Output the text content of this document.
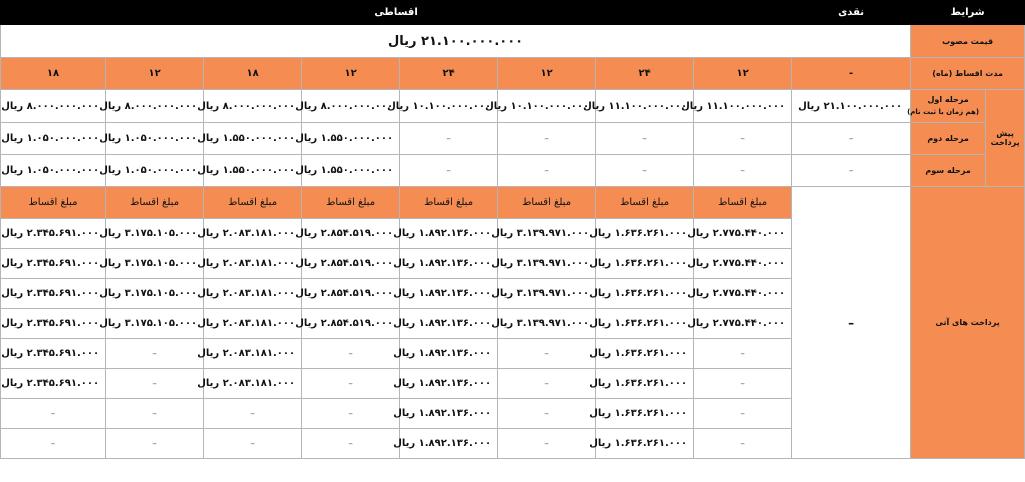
شرایط		نقدی	اقساطی							
قیمت مصوب		۲۱.۱۰۰.۰۰۰.۰۰۰ ریال								
مدت اقساط (ماه)		-	۱۲	۲۴	۱۲	۲۴	۱۲	۱۸	۱۲	۱۸
پیش پرداخت	مرحله اول
(هم زمان با ثبت نام)	۲۱.۱۰۰.۰۰۰.۰۰۰ ریال	۱۱.۱۰۰.۰۰۰.۰۰۰ ریال	۱۱.۱۰۰.۰۰۰.۰۰۰ ریال	۱۰.۱۰۰.۰۰۰.۰۰۰ ریال	۱۰.۱۰۰.۰۰۰.۰۰۰ ریال	۸.۰۰۰.۰۰۰.۰۰۰ ریال	۸.۰۰۰.۰۰۰.۰۰۰ ریال	۸.۰۰۰.۰۰۰.۰۰۰ ریال	۸.۰۰۰.۰۰۰.۰۰۰ ریال
	مرحله دوم	–	–	–	–	–	۱.۵۵۰.۰۰۰.۰۰۰ ریال	۱.۵۵۰.۰۰۰.۰۰۰ ریال	۱.۰۵۰.۰۰۰.۰۰۰ ریال	۱.۰۵۰.۰۰۰.۰۰۰ ریال
	مرحله سوم	–	–	–	–	–	۱.۵۵۰.۰۰۰.۰۰۰ ریال	۱.۵۵۰.۰۰۰.۰۰۰ ریال	۱.۰۵۰.۰۰۰.۰۰۰ ریال	۱.۰۵۰.۰۰۰.۰۰۰ ریال
پرداخت های آتی		–	مبلغ اقساط	مبلغ اقساط	مبلغ اقساط	مبلغ اقساط	مبلغ اقساط	مبلغ اقساط	مبلغ اقساط	مبلغ اقساط
			۲.۷۷۵.۴۴۰.۰۰۰ ریال	۱.۶۳۶.۲۶۱.۰۰۰ ریال	۳.۱۳۹.۹۷۱.۰۰۰ ریال	۱.۸۹۲.۱۳۶.۰۰۰ ریال	۲.۸۵۴.۵۱۹.۰۰۰ ریال	۲.۰۸۳.۱۸۱.۰۰۰ ریال	۳.۱۷۵.۱۰۵.۰۰۰ ریال	۲.۳۴۵.۶۹۱.۰۰۰ ریال
			۲.۷۷۵.۴۴۰.۰۰۰ ریال	۱.۶۳۶.۲۶۱.۰۰۰ ریال	۳.۱۳۹.۹۷۱.۰۰۰ ریال	۱.۸۹۲.۱۳۶.۰۰۰ ریال	۲.۸۵۴.۵۱۹.۰۰۰ ریال	۲.۰۸۳.۱۸۱.۰۰۰ ریال	۳.۱۷۵.۱۰۵.۰۰۰ ریال	۲.۳۴۵.۶۹۱.۰۰۰ ریال
			۲.۷۷۵.۴۴۰.۰۰۰ ریال	۱.۶۳۶.۲۶۱.۰۰۰ ریال	۳.۱۳۹.۹۷۱.۰۰۰ ریال	۱.۸۹۲.۱۳۶.۰۰۰ ریال	۲.۸۵۴.۵۱۹.۰۰۰ ریال	۲.۰۸۳.۱۸۱.۰۰۰ ریال	۳.۱۷۵.۱۰۵.۰۰۰ ریال	۲.۳۴۵.۶۹۱.۰۰۰ ریال
			۲.۷۷۵.۴۴۰.۰۰۰ ریال	۱.۶۳۶.۲۶۱.۰۰۰ ریال	۳.۱۳۹.۹۷۱.۰۰۰ ریال	۱.۸۹۲.۱۳۶.۰۰۰ ریال	۲.۸۵۴.۵۱۹.۰۰۰ ریال	۲.۰۸۳.۱۸۱.۰۰۰ ریال	۳.۱۷۵.۱۰۵.۰۰۰ ریال	۲.۳۴۵.۶۹۱.۰۰۰ ریال
			–	۱.۶۳۶.۲۶۱.۰۰۰ ریال	–	۱.۸۹۲.۱۳۶.۰۰۰ ریال	–	۲.۰۸۳.۱۸۱.۰۰۰ ریال	–	۲.۳۴۵.۶۹۱.۰۰۰ ریال
			–	۱.۶۳۶.۲۶۱.۰۰۰ ریال	–	۱.۸۹۲.۱۳۶.۰۰۰ ریال	–	۲.۰۸۳.۱۸۱.۰۰۰ ریال	–	۲.۳۴۵.۶۹۱.۰۰۰ ریال
			–	۱.۶۳۶.۲۶۱.۰۰۰ ریال	–	۱.۸۹۲.۱۳۶.۰۰۰ ریال	–	–	–	–
			–	۱.۶۳۶.۲۶۱.۰۰۰ ریال	–	۱.۸۹۲.۱۳۶.۰۰۰ ریال	–	–	–	–
